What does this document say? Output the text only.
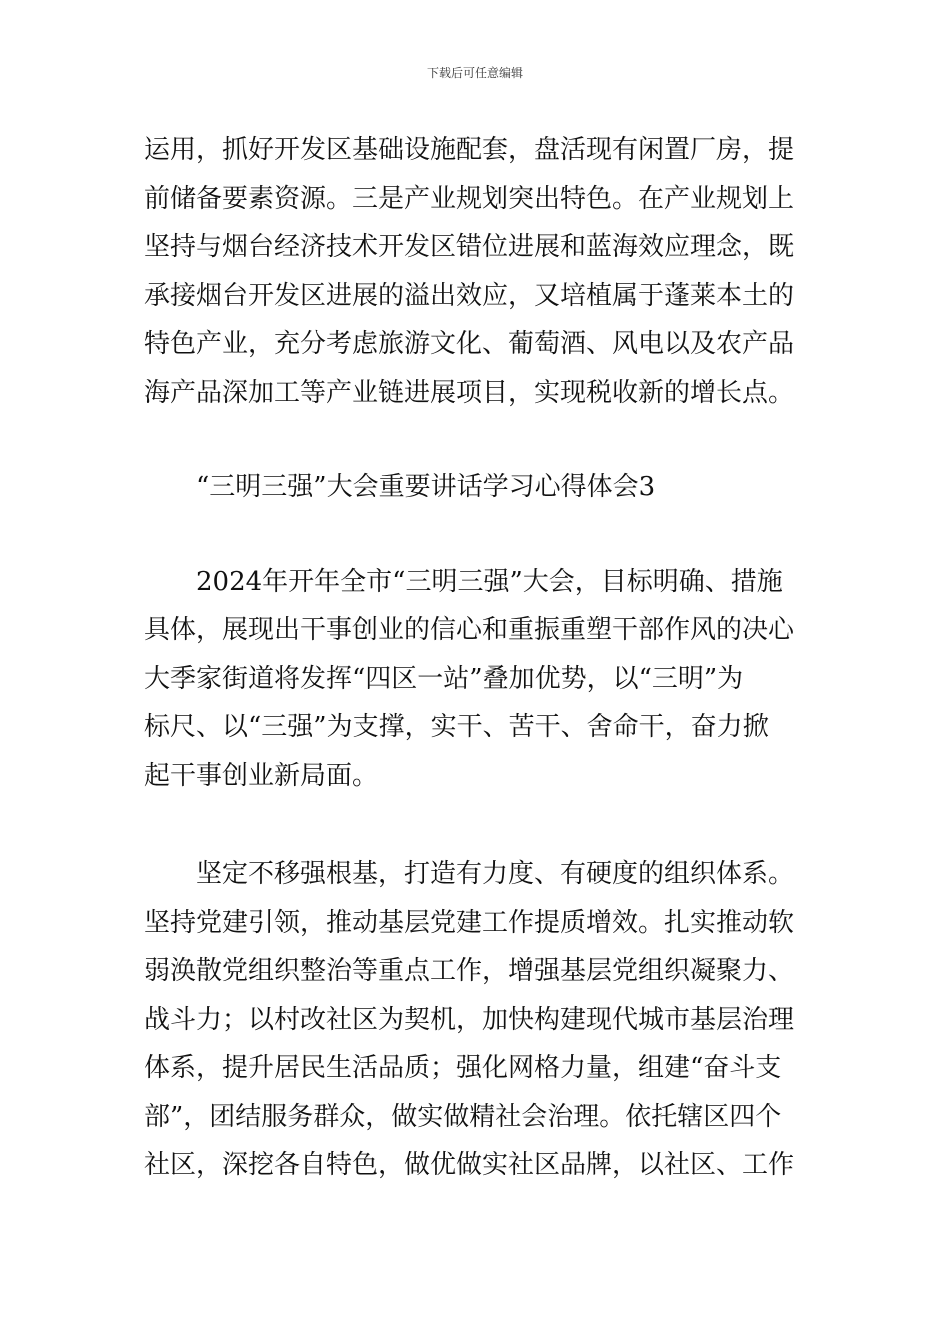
下载后可任意编辑
运用，抓好开发区基础设施配套，盘活现有闲置厂房，提
前储备要素资源。三是产业规划突出特色。在产业规划上
坚持与烟台经济技术开发区错位进展和蓝海效应理念，既
承接烟台开发区进展的溢出效应，又培植属于蓬莱本土的
特色产业，充分考虑旅游文化、葡萄酒、风电以及农产品
海产品深加工等产业链进展项目，实现税收新的增长点。
“三明三强”大会重要讲话学习心得体会3
　　2024年开年全市“三明三强”大会，目标明确、措施
具体，展现出干事创业的信心和重振重塑干部作风的决心
大季家街道将发挥“四区一站”叠加优势，以“三明”为
标尺、以“三强”为支撑，实干、苦干、舍命干，奋力掀
起干事创业新局面。
　　坚定不移强根基，打造有力度、有硬度的组织体系。
坚持党建引领，推动基层党建工作提质增效。扎实推动软
弱涣散党组织整治等重点工作，增强基层党组织凝聚力、
战斗力；以村改社区为契机，加快构建现代城市基层治理
体系，提升居民生活品质；强化网格力量，组建“奋斗支
部”，团结服务群众，做实做精社会治理。依托辖区四个
社区，深挖各自特色，做优做实社区品牌，以社区、工作
